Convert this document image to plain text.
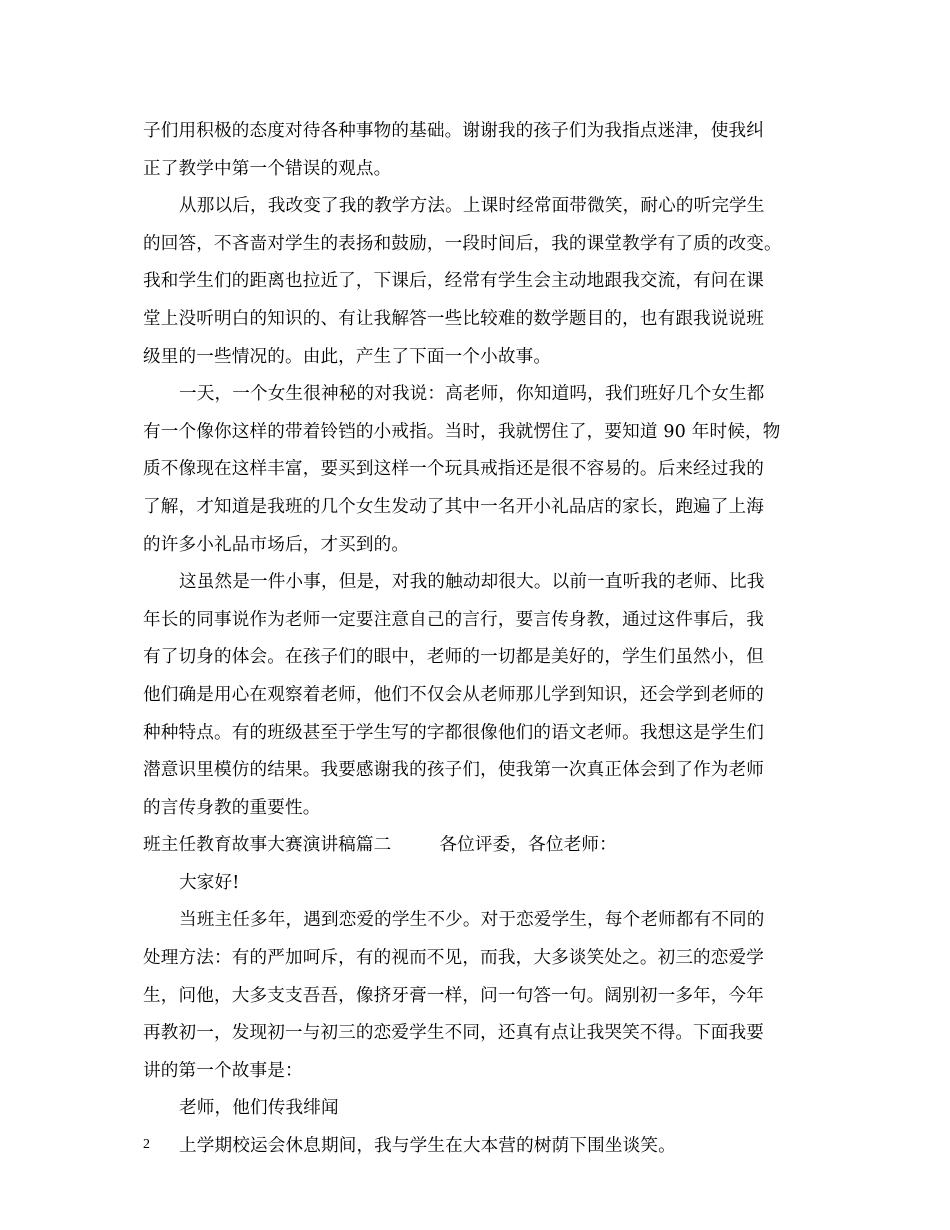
子们用积极的态度对待各种事物的基础。谢谢我的孩子们为我指点迷津，使我纠
正了教学中第一个错误的观点。
从那以后，我改变了我的教学方法。上课时经常面带微笑，耐心的听完学生
的回答，不吝啬对学生的表扬和鼓励，一段时间后，我的课堂教学有了质的改变。
我和学生们的距离也拉近了，下课后，经常有学生会主动地跟我交流，有问在课
堂上没听明白的知识的、有让我解答一些比较难的数学题目的，也有跟我说说班
级里的一些情况的。由此，产生了下面一个小故事。
一天，一个女生很神秘的对我说：高老师，你知道吗，我们班好几个女生都
有一个像你这样的带着铃铛的小戒指。当时，我就愣住了，要知道 90 年时候，物
质不像现在这样丰富，要买到这样一个玩具戒指还是很不容易的。后来经过我的
了解，才知道是我班的几个女生发动了其中一名开小礼品店的家长，跑遍了上海
的许多小礼品市场后，才买到的。
这虽然是一件小事，但是，对我的触动却很大。以前一直听我的老师、比我
年长的同事说作为老师一定要注意自己的言行，要言传身教，通过这件事后，我
有了切身的体会。在孩子们的眼中，老师的一切都是美好的，学生们虽然小，但
他们确是用心在观察着老师，他们不仅会从老师那儿学到知识，还会学到老师的
种种特点。有的班级甚至于学生写的字都很像他们的语文老师。我想这是学生们
潜意识里模仿的结果。我要感谢我的孩子们，使我第一次真正体会到了作为老师
的言传身教的重要性。
班主任教育故事大赛演讲稿篇二	各位评委，各位老师：
大家好!
当班主任多年，遇到恋爱的学生不少。对于恋爱学生，每个老师都有不同的
处理方法：有的严加呵斥，有的视而不见，而我，大多谈笑处之。初三的恋爱学
生，问他，大多支支吾吾，像挤牙膏一样，问一句答一句。阔别初一多年，今年
再教初一，发现初一与初三的恋爱学生不同，还真有点让我哭笑不得。下面我要
讲的第一个故事是：
老师，他们传我绯闻
上学期校运会休息期间，我与学生在大本营的树荫下围坐谈笑。
2
